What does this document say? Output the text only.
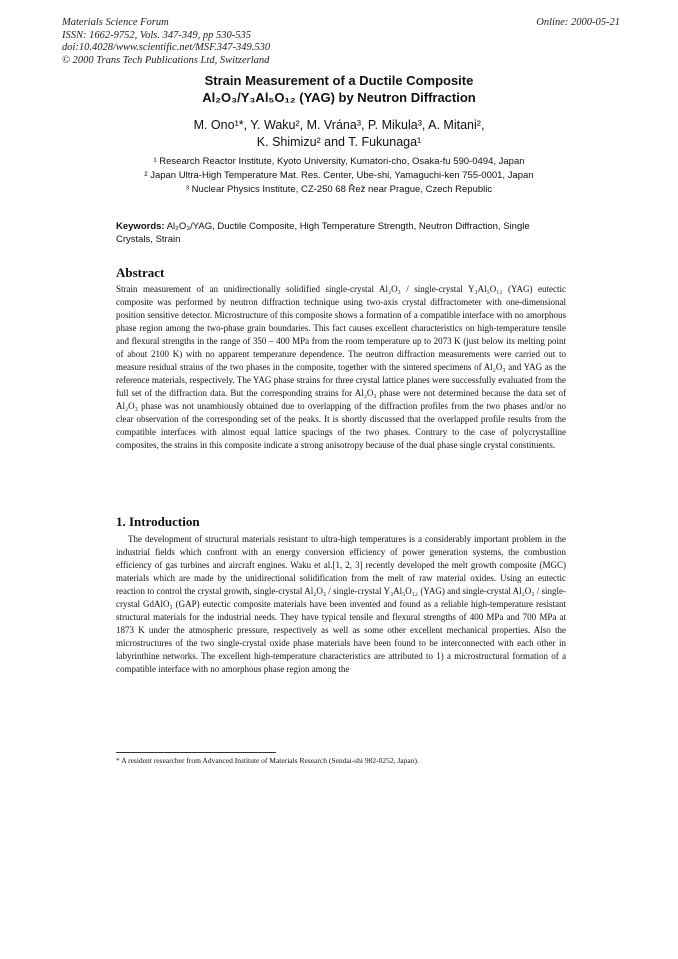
Materials Science Forum
ISSN: 1662-9752, Vols. 347-349, pp 530-535
doi:10.4028/www.scientific.net/MSF.347-349.530
© 2000 Trans Tech Publications Ltd, Switzerland
Online: 2000-05-21
Strain Measurement of a Ductile Composite
Al₂O₃/Y₃Al₅O₁₂ (YAG) by Neutron Diffraction
M. Ono¹*, Y. Waku², M. Vrána³, P. Mikula³, A. Mitani²,
K. Shimizu² and T. Fukunaga¹
¹ Research Reactor Institute, Kyoto University, Kumatori-cho, Osaka-fu 590-0494, Japan
² Japan Ultra-High Temperature Mat. Res. Center, Ube-shi, Yamaguchi-ken 755-0001, Japan
³ Nuclear Physics Institute, CZ-250 68 Řež near Prague, Czech Republic
Keywords: Al₂O₃/YAG, Ductile Composite, High Temperature Strength, Neutron Diffraction, Single Crystals, Strain
Abstract
Strain measurement of an unidirectionally solidified single-crystal Al₂O₃ / single-crystal Y₃Al₅O₁₂ (YAG) eutectic composite was performed by neutron diffraction technique using two-axis crystal diffractometer with one-dimensional position sensitive detector. Microstructure of this composite shows a formation of a compatible interface with no amorphous phase region among the two-phase grain boundaries. This fact causes excellent characteristics on high-temperature tensile and flexural strengths in the range of 350 – 400 MPa from the room temperature up to 2073 K (just below its melting point of about 2100 K) with no apparent temperature dependence. The neutron diffraction measurements were carried out to measure residual strains of the two phases in the composite, together with the sintered specimens of Al₂O₃ and YAG as the reference materials, respectively. The YAG phase strains for three crystal lattice planes were successfully evaluated from the full set of the diffraction data. But the corresponding strains for Al₂O₃ phase were not determined because the data set of Al₂O₃ phase was not unambiously obtained due to overlapping of the diffraction profiles from the two phases and/or no clear observation of the corresponding set of the peaks. It is shortly discussed that the overlapped profile results from the compatible interfaces with almost equal lattice spacings of the two phases. Contrary to the case of polycrystalline composites, the strains in this composite indicate a strong anisotropy because of the dual phase single crystal constituents.
1. Introduction
The development of structural materials resistant to ultra-high temperatures is a considerably important problem in the industrial fields which confront with an energy conversion efficiency of power generation systems, the combustion efficiency of gas turbines and aircraft engines. Waku et al.[1, 2, 3] recently developed the melt growth composite (MGC) materials which are made by the unidirectional solidification from the melt of raw material oxides. Using an eutectic reaction to control the crystal growth, single-crystal Al₂O₃ / single-crystal Y₃Al₅O₁₂ (YAG) and single-crystal Al₂O₃ / single-crystal GdAlO₃ (GAP) eutectic composite materials have been invented and found as a reliable high-temperature resistant structural materials for the industrial needs. They have typical tensile and flexural strengths of 400 MPa and 700 MPa at 1873 K under the atmospheric pressure, respectively as well as some other excellent mechanical properties. Also the microstructures of the two single-crystal oxide phase materials have been found to be interconnected with each other in labyrinthine networks. The excellent high-temperature characteristics are attributed to 1) a microstructural formation of a compatible interface with no amorphous phase region among the
* A resident researcher from Advanced Institute of Materials Research (Sendai-shi 982-0252, Japan).
